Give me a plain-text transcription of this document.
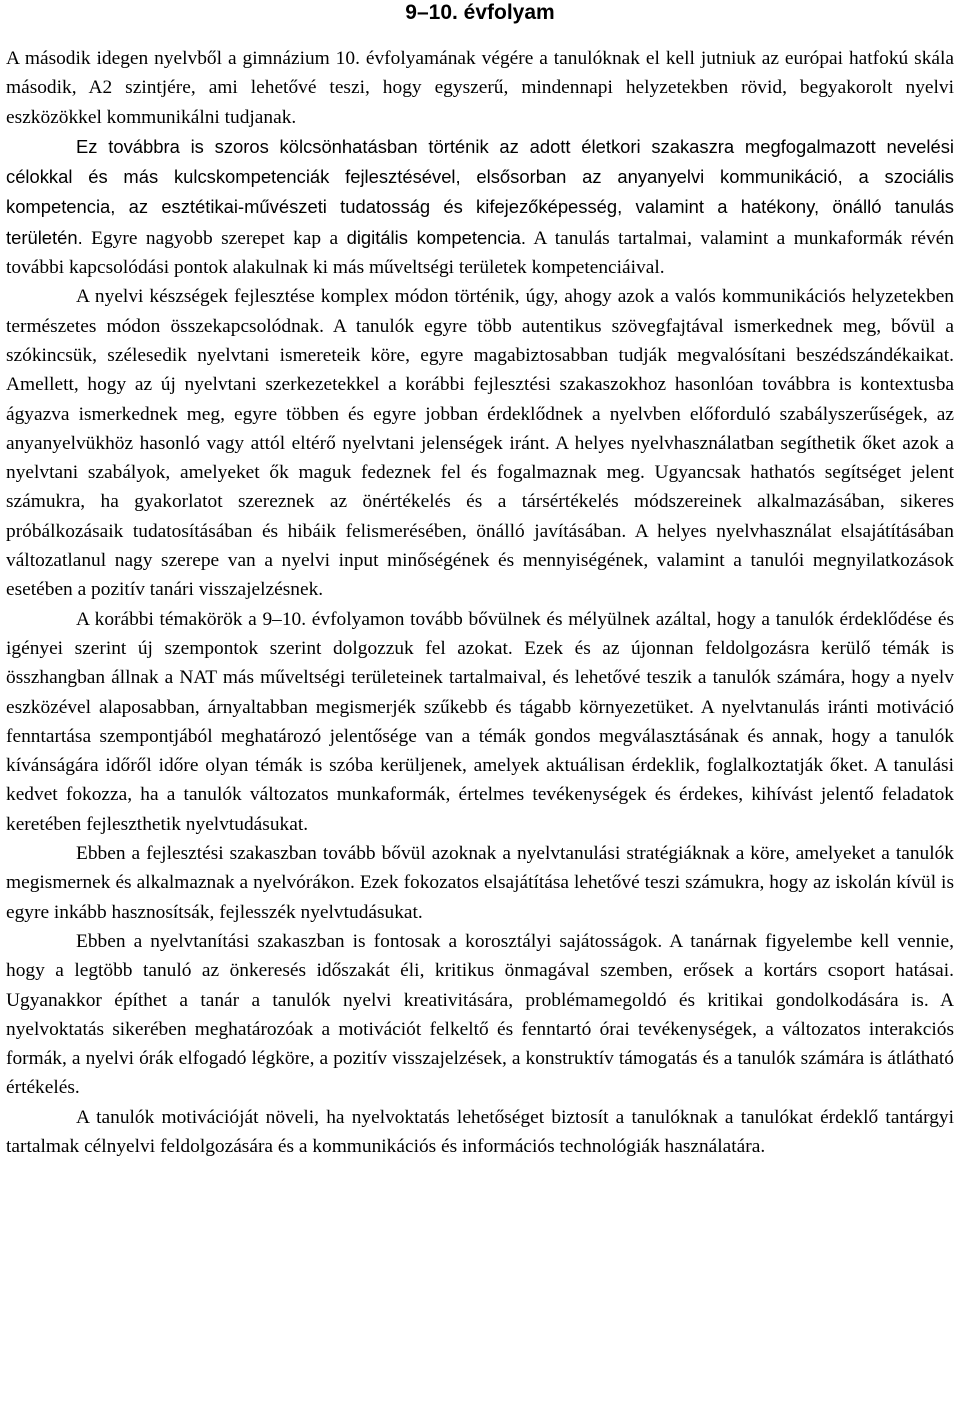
9–10. évfolyam

A második idegen nyelvből a gimnázium 10. évfolyamának végére a tanulóknak el kell jutniuk az európai hatfokú skála második, A2 szintjére, ami lehetővé teszi, hogy egyszerű, mindennapi helyzetekben rövid, begyakorolt nyelvi eszközökkel kommunikálni tudjanak.

Ez továbbra is szoros kölcsönhatásban történik az adott életkori szakaszra megfogalmazott nevelési célokkal és más kulcskompetenciák fejlesztésével, elsősorban az anyanyelvi kommunikáció, a szociális kompetencia, az esztétikai-művészeti tudatosság és kifejezőképesség, valamint a hatékony, önálló tanulás területén. Egyre nagyobb szerepet kap a digitális kompetencia. A tanulás tartalmai, valamint a munkaformák révén további kapcsolódási pontok alakulnak ki más műveltségi területek kompetenciáival.

A nyelvi készségek fejlesztése komplex módon történik, úgy, ahogy azok a valós kommunikációs helyzetekben természetes módon összekapcsolódnak. A tanulók egyre több autentikus szövegfajtával ismerkednek meg, bővül a szókincsük, szélesedik nyelvtani ismereteik köre, egyre magabiztosabban tudják megvalósítani beszédszándékaikat. Amellett, hogy az új nyelvtani szerkezetekkel a korábbi fejlesztési szakaszokhoz hasonlóan továbbra is kontextusba ágyazva ismerkednek meg, egyre többen és egyre jobban érdeklődnek a nyelvben előforduló szabályszerűségek, az anyanyelvükhöz hasonló vagy attól eltérő nyelvtani jelenségek iránt. A helyes nyelvhasználatban segíthetik őket azok a nyelvtani szabályok, amelyeket ők maguk fedeznek fel és fogalmaznak meg. Ugyancsak hathatós segítséget jelent számukra, ha gyakorlatot szereznek az önértékelés és a társértékelés módszereinek alkalmazásában, sikeres próbálkozásaik tudatosításában és hibáik felismerésében, önálló javításában. A helyes nyelvhasználat elsajátításában változatlanul nagy szerepe van a nyelvi input minőségének és mennyiségének, valamint a tanulói megnyilatkozások esetében a pozitív tanári visszajelzésnek.

A korábbi témakörök a 9–10. évfolyamon tovább bővülnek és mélyülnek azáltal, hogy a tanulók érdeklődése és igényei szerint új szempontok szerint dolgozzuk fel azokat. Ezek és az újonnan feldolgozásra kerülő témák is összhangban állnak a NAT más műveltségi területeinek tartalmaival, és lehetővé teszik a tanulók számára, hogy a nyelv eszközével alaposabban, árnyaltabban megismerjék szűkebb és tágabb környezetüket. A nyelvtanulás iránti motiváció fenntartása szempontjából meghatározó jelentősége van a témák gondos megválasztásának és annak, hogy a tanulók kívánságára időről időre olyan témák is szóba kerüljenek, amelyek aktuálisan érdeklik, foglalkoztatják őket. A tanulási kedvet fokozza, ha a tanulók változatos munkaformák, értelmes tevékenységek és érdekes, kihívást jelentő feladatok keretében fejleszthetik nyelvtudásukat.

Ebben a fejlesztési szakaszban tovább bővül azoknak a nyelvtanulási stratégiáknak a köre, amelyeket a tanulók megismernek és alkalmaznak a nyelvórákon. Ezek fokozatos elsajátítása lehetővé teszi számukra, hogy az iskolán kívül is egyre inkább hasznosítsák, fejlesszék nyelvtudásukat.

Ebben a nyelvtanítási szakaszban is fontosak a korosztályi sajátosságok. A tanárnak figyelembe kell vennie, hogy a legtöbb tanuló az önkeresés időszakát éli, kritikus önmagával szemben, erősek a kortárs csoport hatásai. Ugyanakkor építhet a tanár a tanulók nyelvi kreativitására, problémamegoldó és kritikai gondolkodására is. A nyelvoktatás sikerében meghatározóak a motivációt felkeltő és fenntartó órai tevékenységek, a változatos interakciós formák, a nyelvi órák elfogadó légköre, a pozitív visszajelzések, a konstruktív támogatás és a tanulók számára is átlátható értékelés.

A tanulók motivációját növeli, ha nyelvoktatás lehetőséget biztosít a tanulóknak a tanulókat érdeklő tantárgyi tartalmak célnyelvi feldolgozására és a kommunikációs és információs technológiák használatára.
